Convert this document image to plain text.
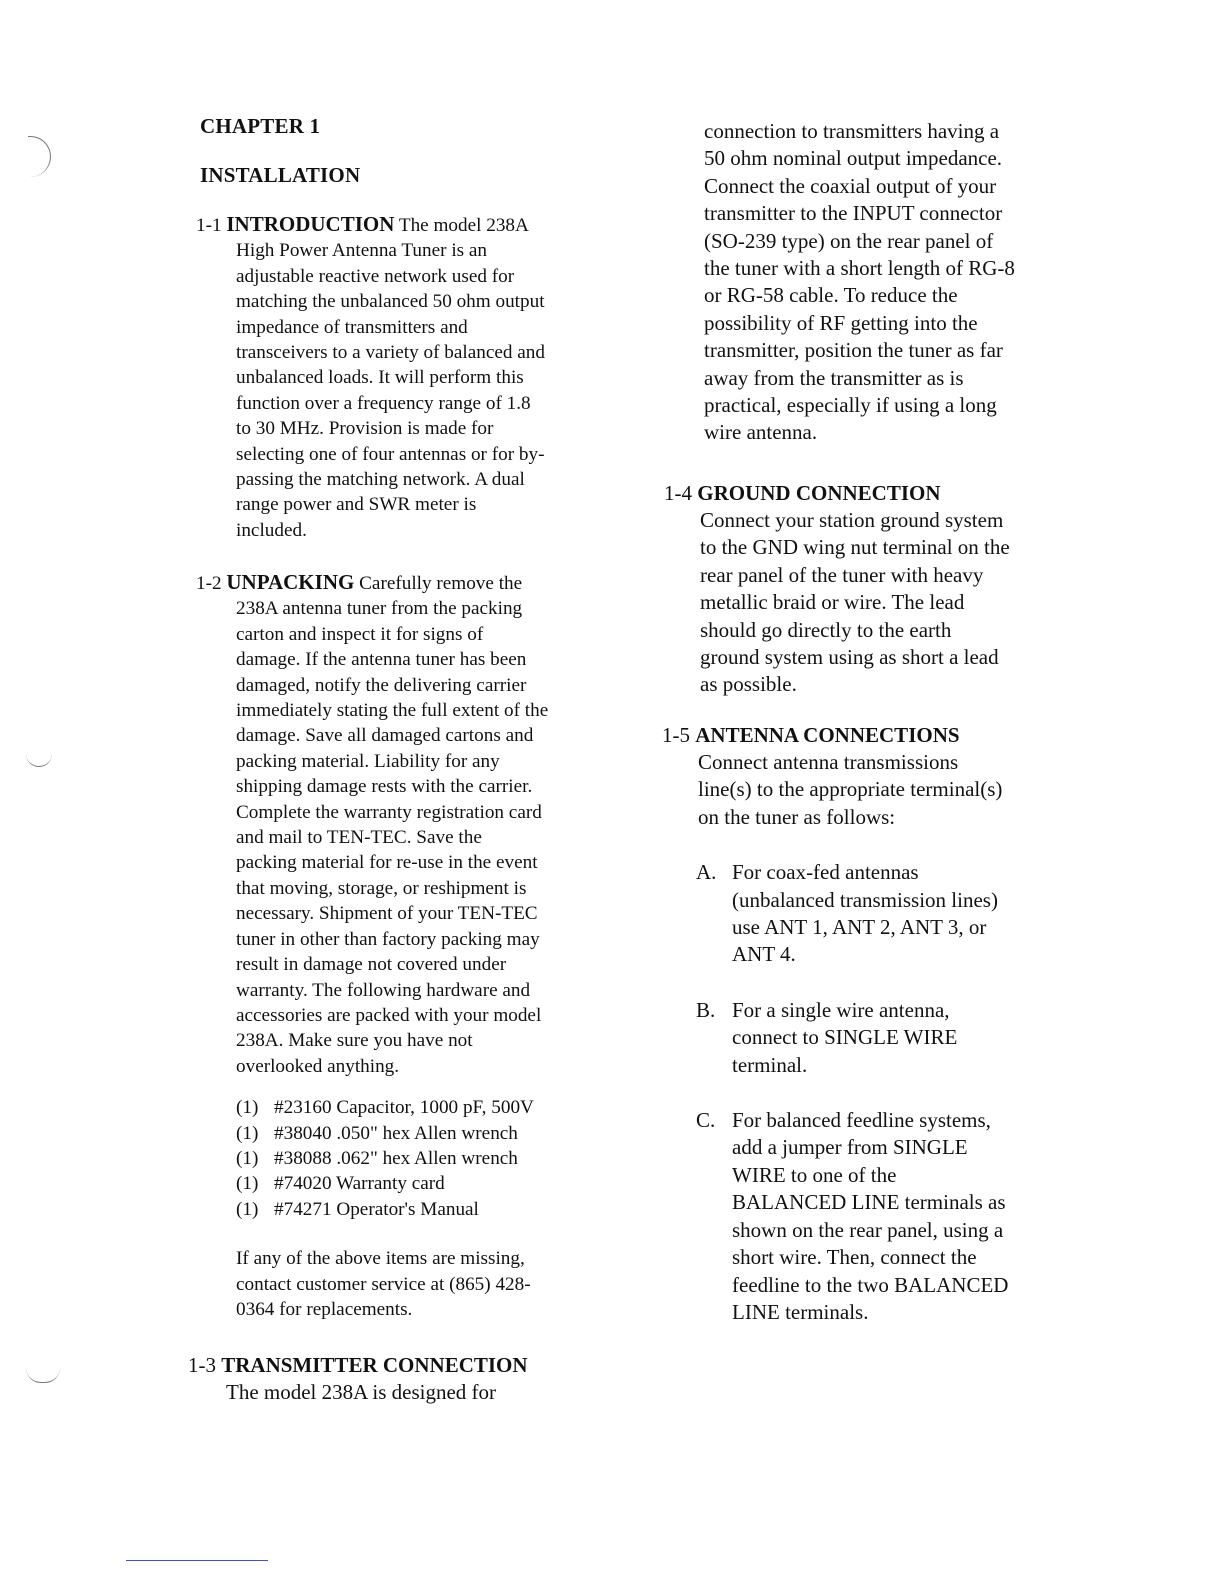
CHAPTER 1
INSTALLATION
1-1 INTRODUCTION The model 238A
High Power Antenna Tuner is an
adjustable reactive network used for
matching the unbalanced 50 ohm output
impedance of transmitters and
transceivers to a variety of balanced and
unbalanced loads. It will perform this
function over a frequency range of 1.8
to 30 MHz. Provision is made for
selecting one of four antennas or for by-
passing the matching network. A dual
range power and SWR meter is
included.
1-2 UNPACKING Carefully remove the
238A antenna tuner from the packing
carton and inspect it for signs of
damage. If the antenna tuner has been
damaged, notify the delivering carrier
immediately stating the full extent of the
damage. Save all damaged cartons and
packing material. Liability for any
shipping damage rests with the carrier.
Complete the warranty registration card
and mail to TEN-TEC. Save the
packing material for re-use in the event
that moving, storage, or reshipment is
necessary. Shipment of your TEN-TEC
tuner in other than factory packing may
result in damage not covered under
warranty. The following hardware and
accessories are packed with your model
238A. Make sure you have not
overlooked anything.
(1) #23160 Capacitor, 1000 pF, 500V
(1) #38040 .050" hex Allen wrench
(1) #38088 .062" hex Allen wrench
(1) #74020 Warranty card
(1) #74271 Operator's Manual
If any of the above items are missing,
contact customer service at (865) 428-
0364 for replacements.
1-3 TRANSMITTER CONNECTION
The model 238A is designed for
connection to transmitters having a
50 ohm nominal output impedance.
Connect the coaxial output of your
transmitter to the INPUT connector
(SO-239 type) on the rear panel of
the tuner with a short length of RG-8
or RG-58 cable. To reduce the
possibility of RF getting into the
transmitter, position the tuner as far
away from the transmitter as is
practical, especially if using a long
wire antenna.
1-4 GROUND CONNECTION
Connect your station ground system
to the GND wing nut terminal on the
rear panel of the tuner with heavy
metallic braid or wire. The lead
should go directly to the earth
ground system using as short a lead
as possible.
1-5 ANTENNA CONNECTIONS
Connect antenna transmissions
line(s) to the appropriate terminal(s)
on the tuner as follows:
A. For coax-fed antennas
(unbalanced transmission lines)
use ANT 1, ANT 2, ANT 3, or
ANT 4.
B. For a single wire antenna,
connect to SINGLE WIRE
terminal.
C. For balanced feedline systems,
add a jumper from SINGLE
WIRE to one of the
BALANCED LINE terminals as
shown on the rear panel, using a
short wire. Then, connect the
feedline to the two BALANCED
LINE terminals.
